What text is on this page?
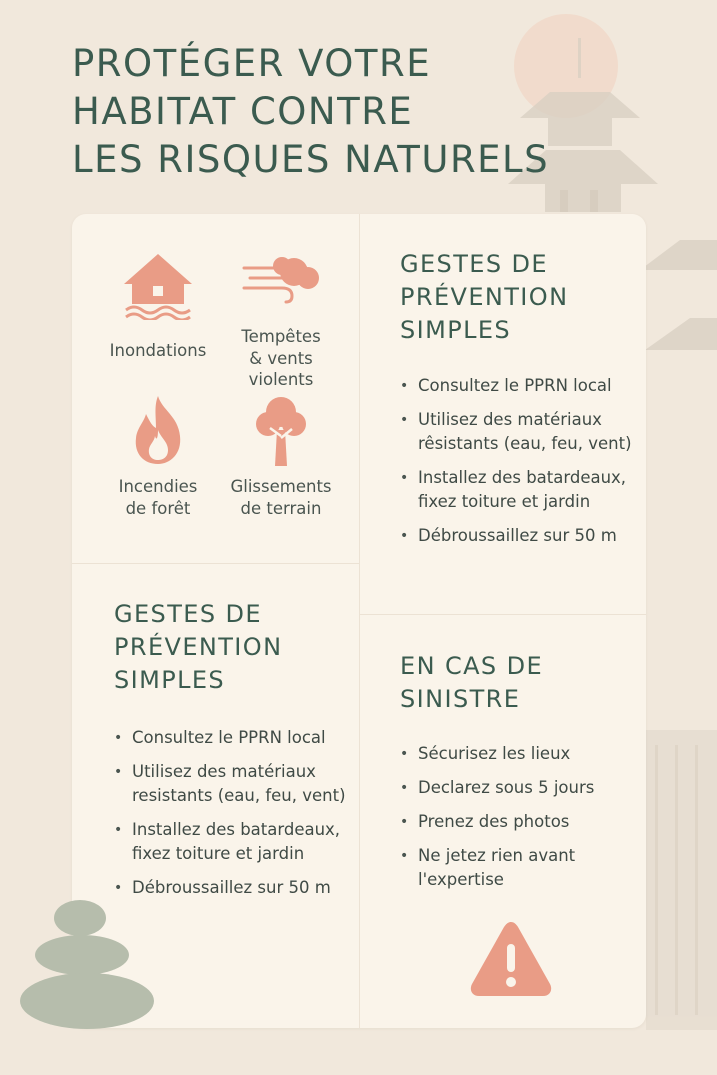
PROTÉGER VOTRE
HABITAT CONTRE
LES RISQUES NATURELS
Inondations
Tempêtes
& vents
violents
Incendies
de forêt
Glissements
de terrain
GESTES DE
PRÉVENTION
SIMPLES
• Consultez le PPRN local
• Utilisez des matériaux rêsistants (eau, feu, vent)
• Installez des batardeaux, fixez toiture et jardin
• Débroussaillez sur 50 m
GESTES DE
PRÉVENTION
SIMPLES
• Consultez le PPRN local
• Utilisez des matériaux resistants (eau, feu, vent)
• Installez des batardeaux, fixez toiture et jardin
• Débroussaillez sur 50 m
EN CAS DE
SINISTRE
• Sécurisez les lieux
• Declarez sous 5 jours
• Prenez des photos
• Ne jetez rien avant l'expertise
